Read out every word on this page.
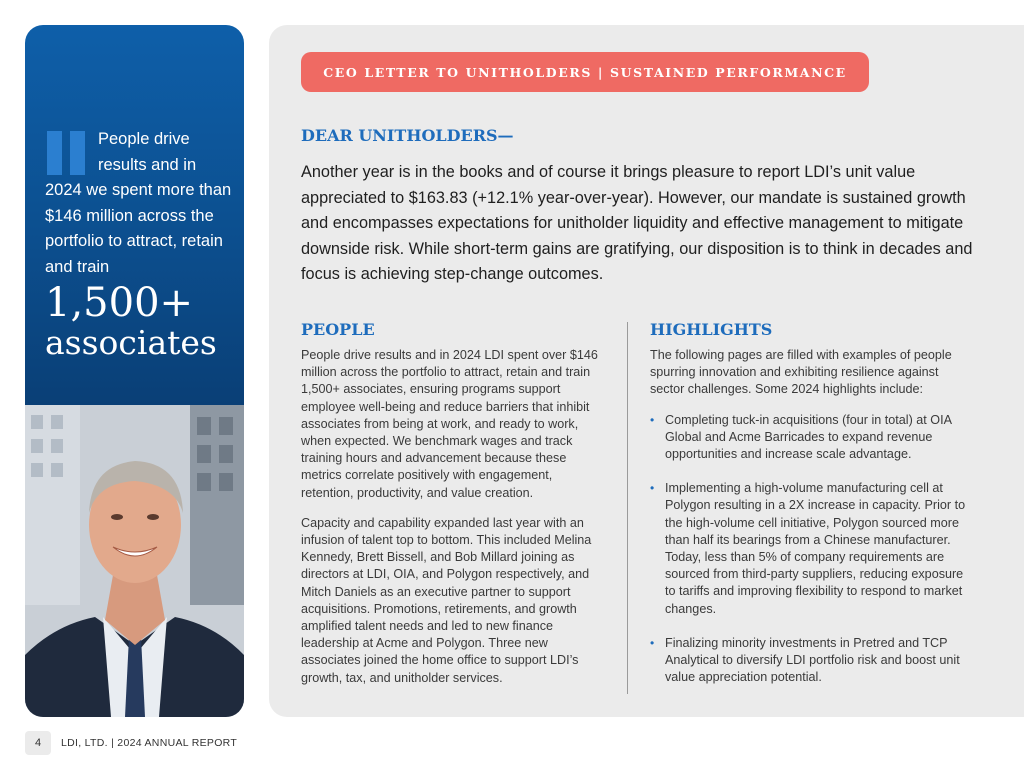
People drive
results and in
2024 we spent more than $146 million across the portfolio to attract, retain and train
1,500+
associates
CEO LETTER TO UNITHOLDERS | SUSTAINED PERFORMANCE
DEAR UNITHOLDERS—

Another year is in the books and of course it brings pleasure to report LDI’s unit value appreciated to $163.83 (+12.1% year-over-year). However, our mandate is sustained growth and encompasses expectations for unitholder liquidity and effective management to mitigate downside risk. While short-term gains are gratifying, our disposition is to think in decades and focus is achieving step-change outcomes.

PEOPLE

People drive results and in 2024 LDI spent over $146 million across the portfolio to attract, retain and train 1,500+ associates, ensuring programs support employee well-being and reduce barriers that inhibit associates from being at work, and ready to work, when expected. We benchmark wages and track training hours and advancement because these metrics correlate positively with engagement, retention, productivity, and value creation.

Capacity and capability expanded last year with an infusion of talent top to bottom. This included Melina Kennedy, Brett Bissell, and Bob Millard joining as directors at LDI, OIA, and Polygon respectively, and Mitch Daniels as an executive partner to support acquisitions. Promotions, retirements, and growth amplified talent needs and led to new finance leadership at Acme and Polygon. Three new associates joined the home office to support LDI’s growth, tax, and unitholder services.

HIGHLIGHTS

The following pages are filled with examples of people spurring innovation and exhibiting resilience against sector challenges. Some 2024 highlights include:

• Completing tuck-in acquisitions (four in total) at OIA Global and Acme Barricades to expand revenue opportunities and increase scale advantage.
• Implementing a high-volume manufacturing cell at Polygon resulting in a 2X increase in capacity. Prior to the high-volume cell initiative, Polygon sourced more than half its bearings from a Chinese manufacturer. Today, less than 5% of company requirements are sourced from third-party suppliers, reducing exposure to tariffs and improving flexibility to respond to market changes.
• Finalizing minority investments in Pretred and TCP Analytical to diversify LDI portfolio risk and boost unit value appreciation potential.
4	LDI, LTD. | 2024 ANNUAL REPORT
